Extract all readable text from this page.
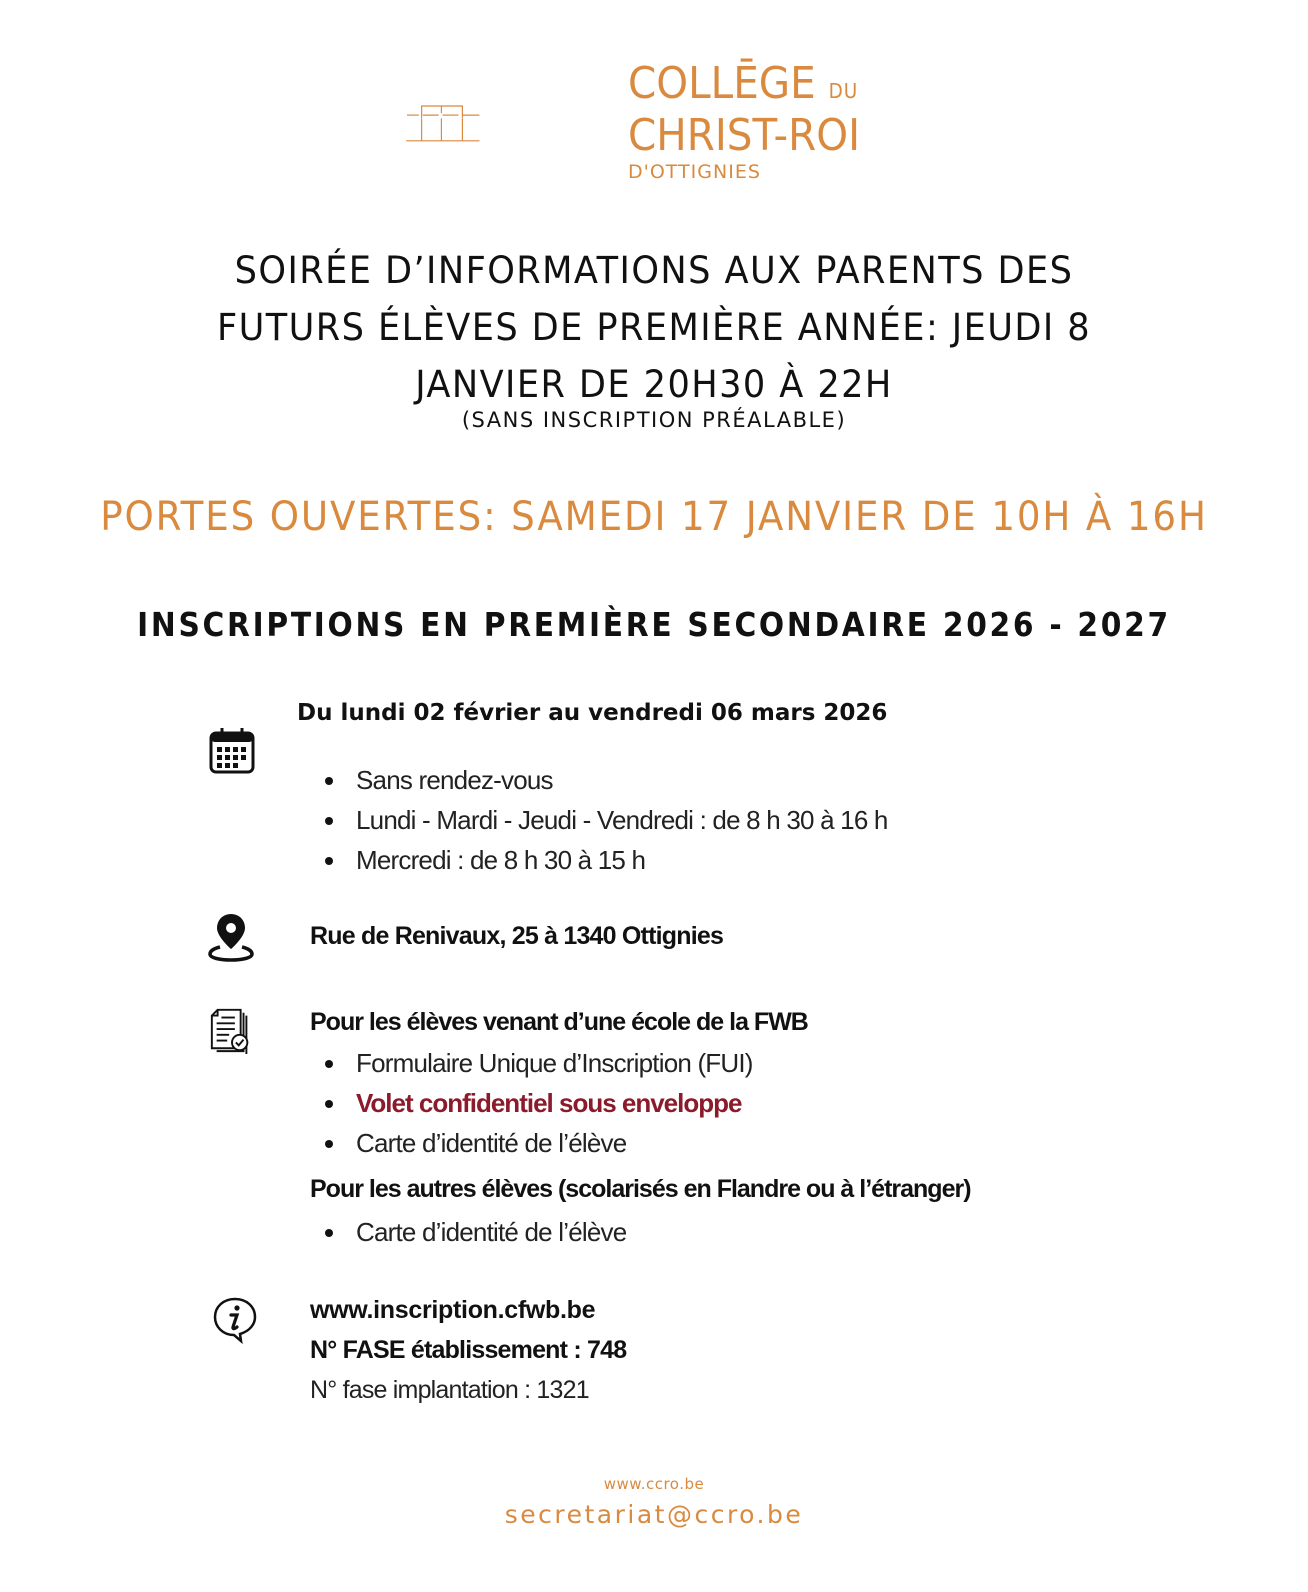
COLLĒGE DU
CHRIST-ROI
D'OTTIGNIES
SOIRÉE D’INFORMATIONS AUX PARENTS DES
FUTURS ÉLÈVES DE PREMIÈRE ANNÉE: JEUDI 8
JANVIER DE 20H30 À 22H
(SANS INSCRIPTION PRÉALABLE)
PORTES OUVERTES: SAMEDI 17 JANVIER DE 10H À 16H
INSCRIPTIONS EN PREMIÈRE SECONDAIRE 2026 - 2027
Du lundi 02 février au vendredi 06 mars 2026
Sans rendez-vous
Lundi - Mardi - Jeudi - Vendredi : de 8 h 30 à 16 h
Mercredi : de 8 h 30 à 15 h
Rue de Renivaux, 25 à 1340 Ottignies
Pour les élèves venant d’une école de la FWB
Formulaire Unique d’Inscription (FUI)
Volet confidentiel sous enveloppe
Carte d’identité de l’élève
Pour les autres élèves (scolarisés en Flandre ou à l’étranger)
Carte d’identité de l’élève
www.inscription.cfwb.be
N° FASE établissement : 748
N° fase implantation : 1321
www.ccro.be
secretariat@ccro.be
